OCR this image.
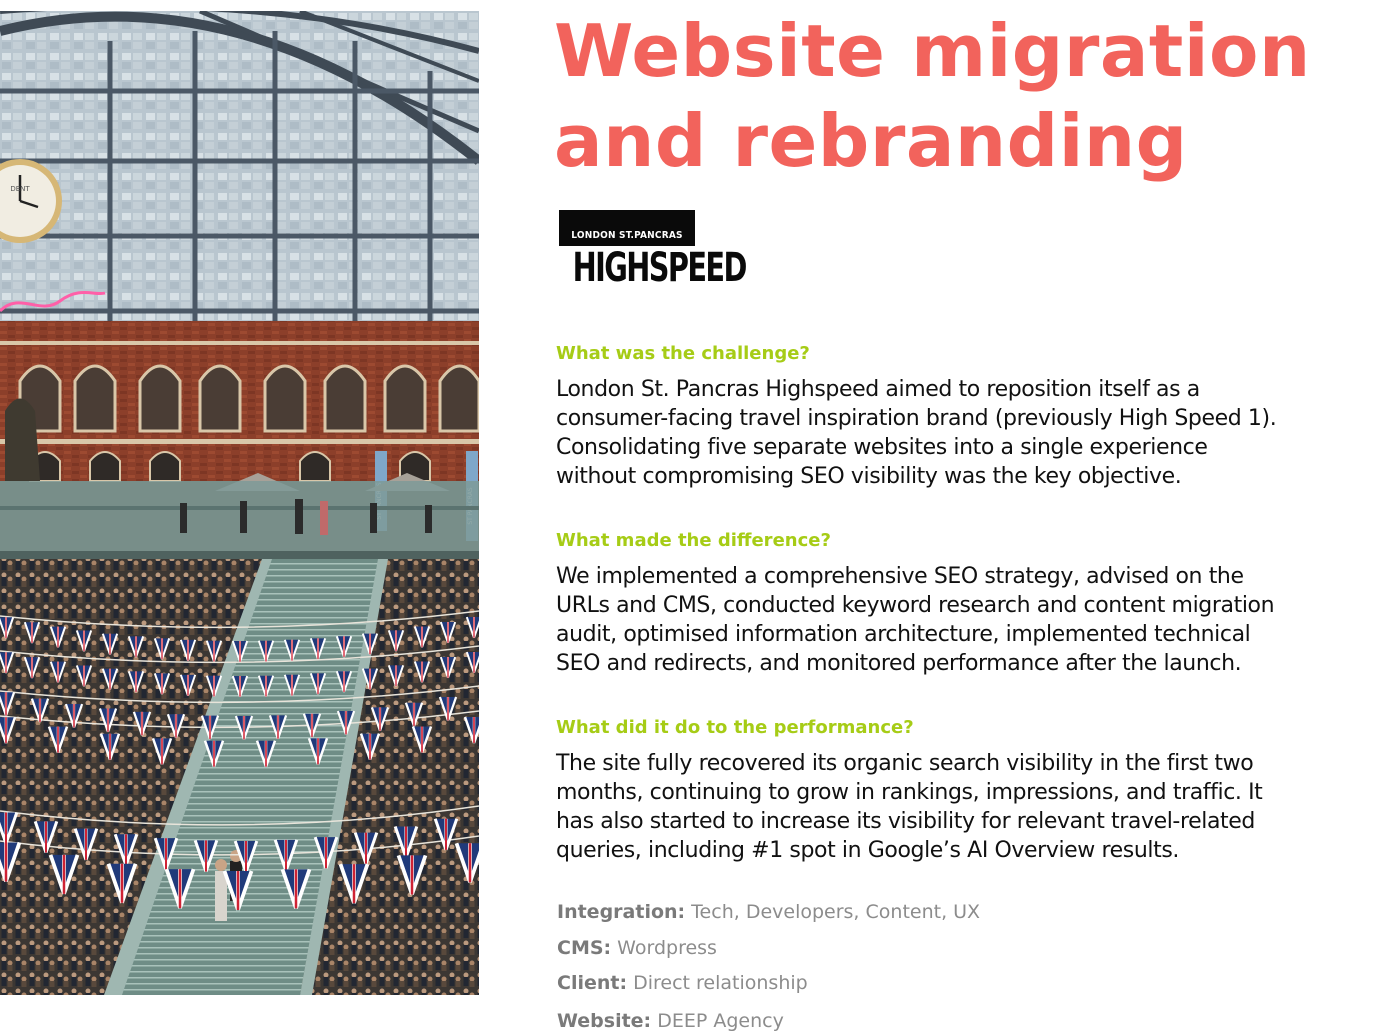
DENT
Website migration
and rebranding
LONDON ST.PANCRAS
HIGHSPEED
What was the challenge?

London St. Pancras Highspeed aimed to reposition itself as a
consumer-facing travel inspiration brand (previously High Speed 1).
Consolidating five separate websites into a single experience
without compromising SEO visibility was the key objective.

What made the difference?

We implemented a comprehensive SEO strategy, advised on the
URLs and CMS, conducted keyword research and content migration
audit, optimised information architecture, implemented technical
SEO and redirects, and monitored performance after the launch.

What did it do to the performance?

The site fully recovered its organic search visibility in the first two
months, continuing to grow in rankings, impressions, and traffic. It
has also started to increase its visibility for relevant travel-related
queries, including #1 spot in Google’s AI Overview results.

Integration: Tech, Developers, Content, UX
CMS: Wordpress
Client: Direct relationship
Website: DEEP Agency
